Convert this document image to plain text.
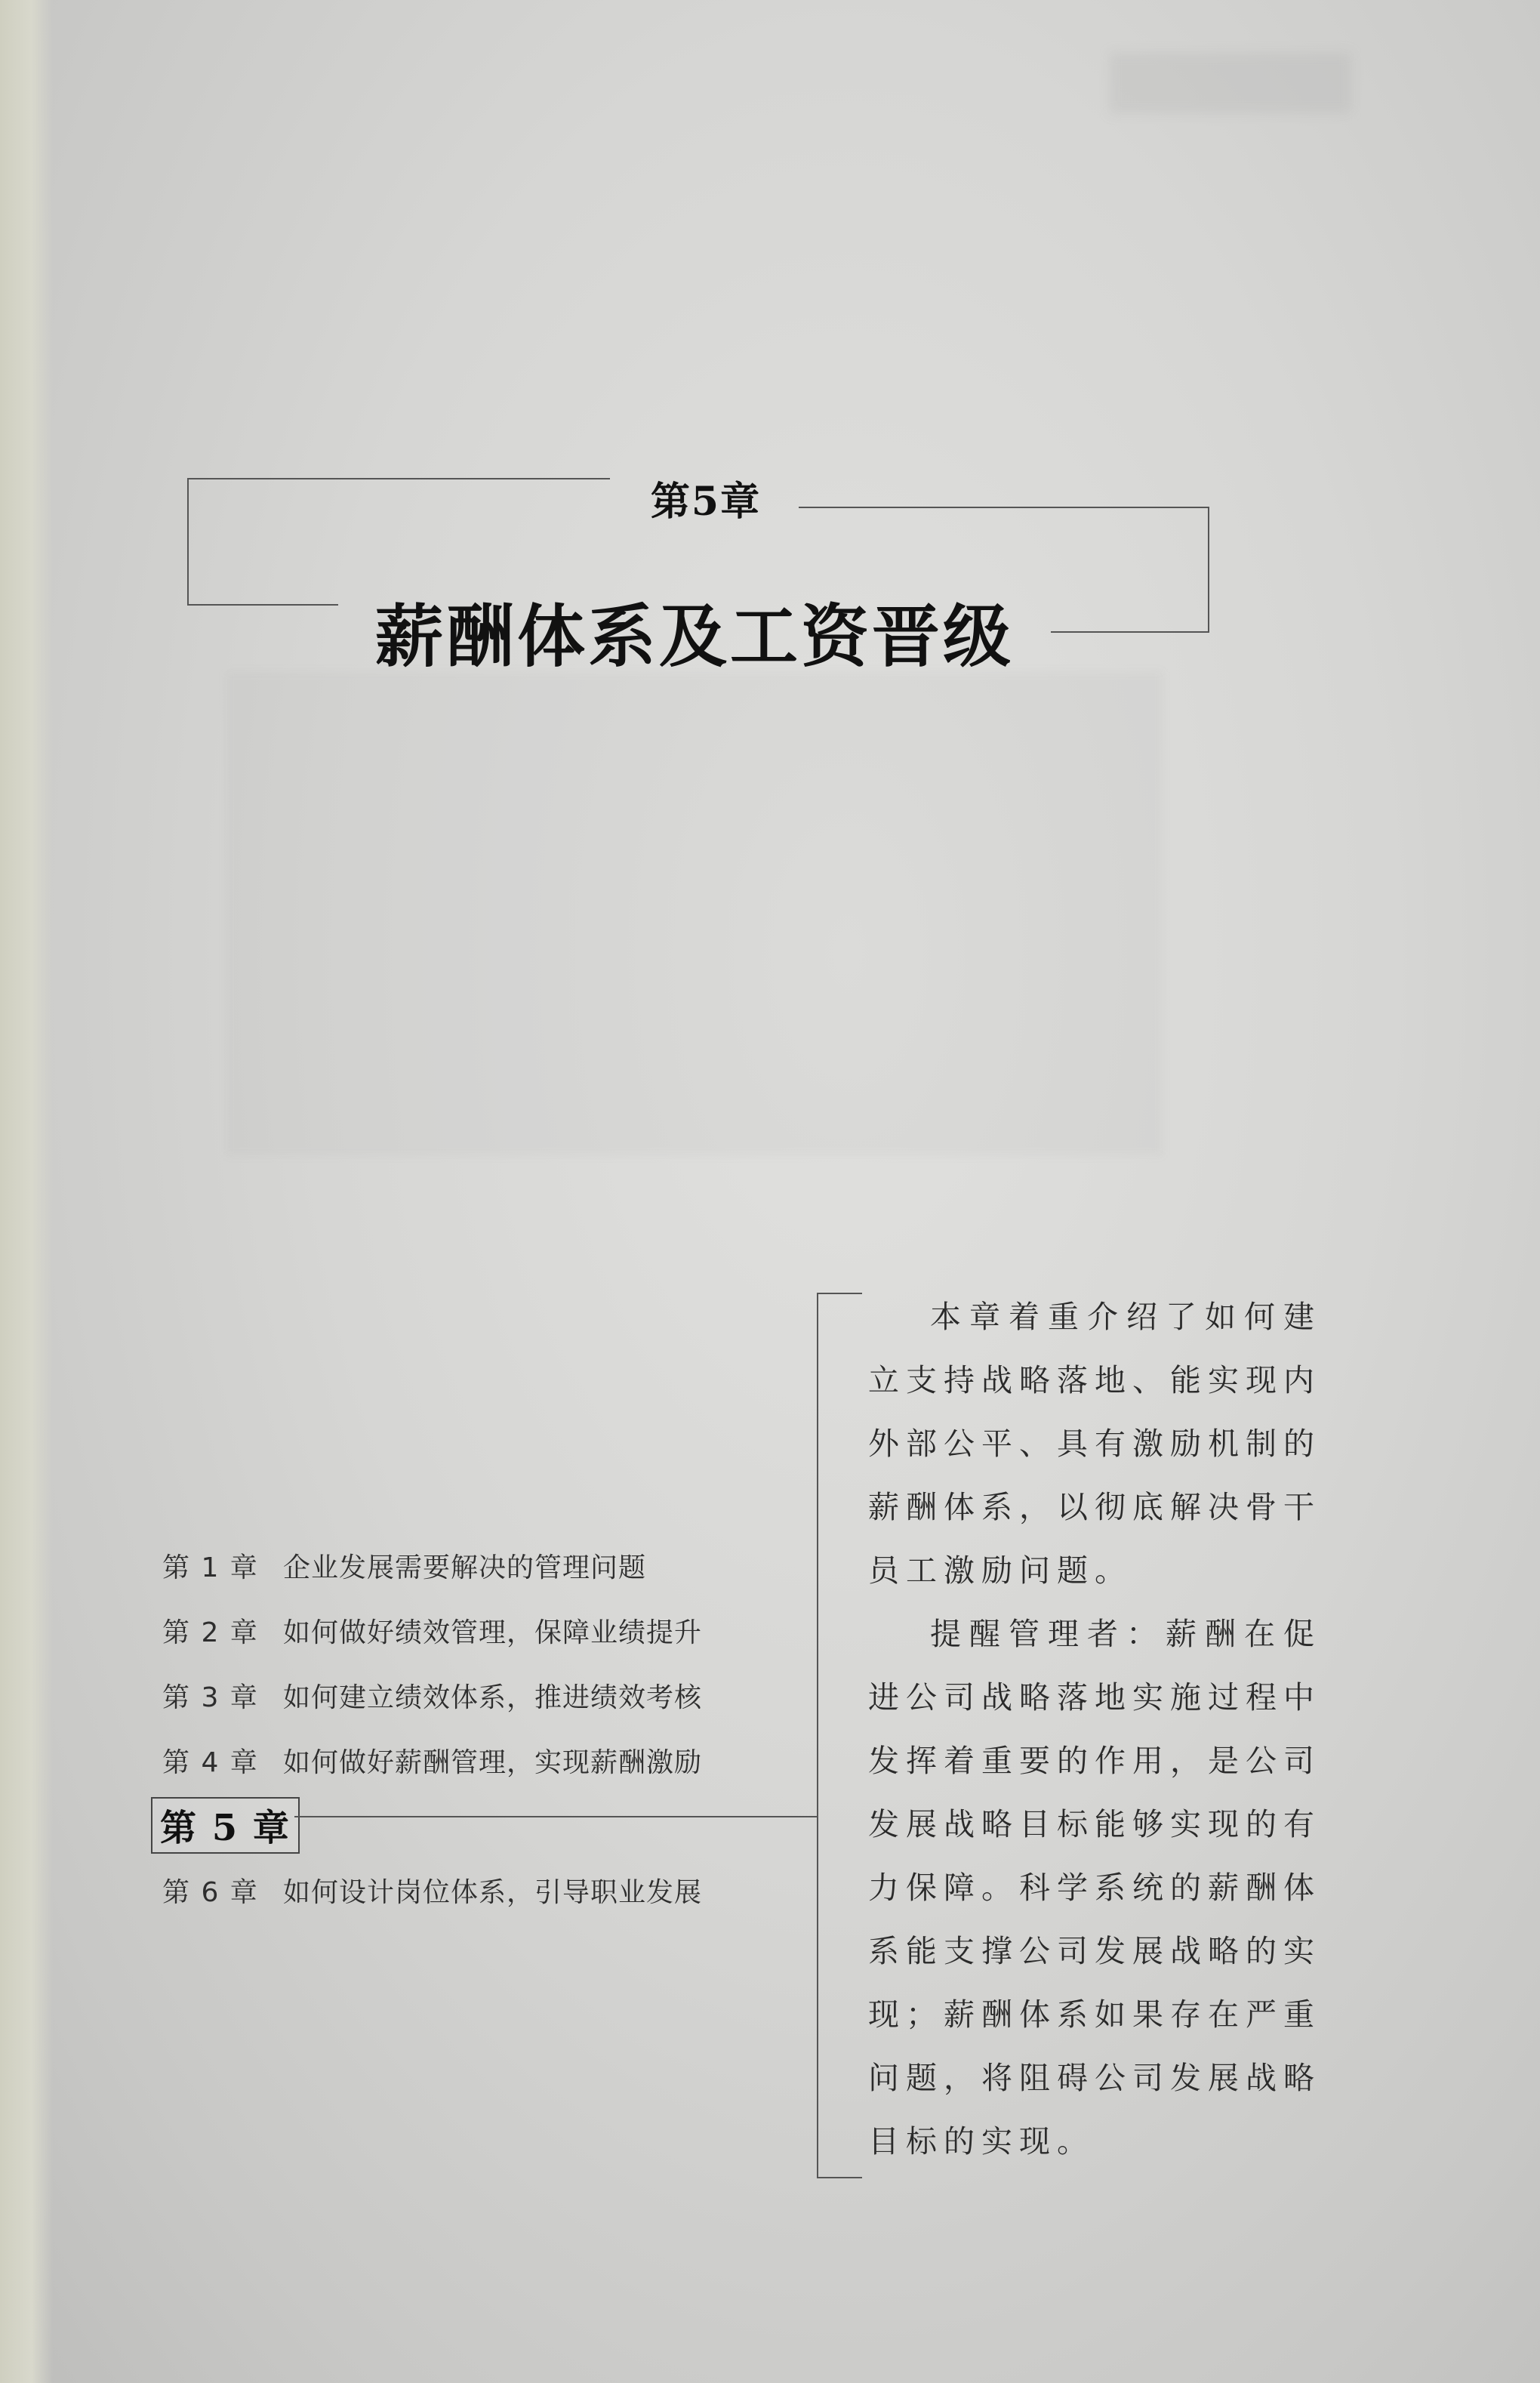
第5章
薪酬体系及工资晋级

本章着重介绍了如何建立支持战略落地、能实现内外部公平、具有激励机制的薪酬体系，以彻底解决骨干员工激励问题。

提醒管理者：薪酬在促进公司战略落地实施过程中发挥着重要的作用，是公司发展战略目标能够实现的有力保障。科学系统的薪酬体系能支撑公司发展战略的实现；薪酬体系如果存在严重问题，将阻碍公司发展战略目标的实现。

第 1 章 企业发展需要解决的管理问题
第 2 章 如何做好绩效管理，保障业绩提升
第 3 章 如何建立绩效体系，推进绩效考核
第 4 章 如何做好薪酬管理，实现薪酬激励
第 5 章
第 6 章 如何设计岗位体系，引导职业发展
